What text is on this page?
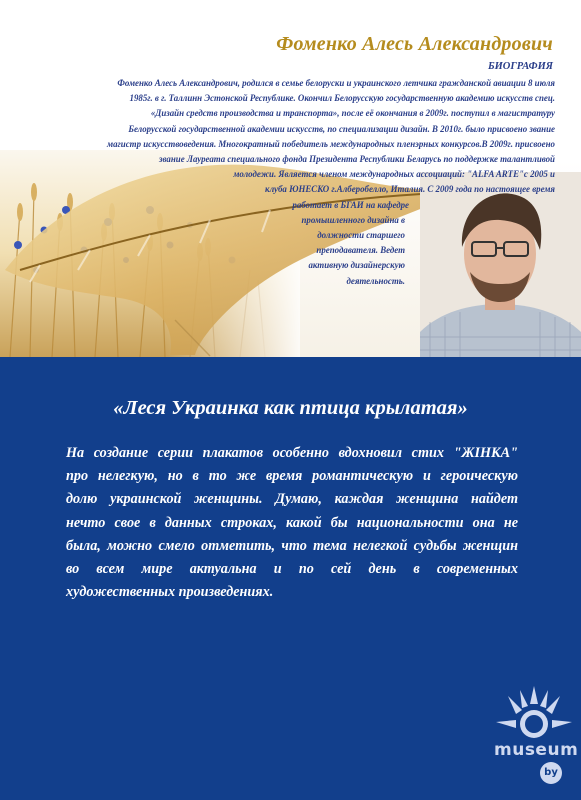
Фоменко Алесь Александрович
БИОГРАФИЯ

Фоменко Алесь Александрович, родился в семье белоруски и украинского летчика гражданской авиации 8 июля
1985г. в г. Таллинн Эстонской Республике. Окончил Белорусскую государственную академию искусств спец.
«Дизайн средств производства и транспорта», после её окончания в 2009г. поступил в магистратуру
Белорусской государственной академии искусств, по специализации дизайн. В 2010г. было присвоено звание
магистр искусствоведения. Многократный победитель международных пленэрных конкурсов.В 2009г. присвоено
звание Лауреата специального фонда Президента Республики Беларусь по поддержке талантливой
молодежи. Является членом международных ассоциаций: "ALFA ARTE"с 2005 и
клуба ЮНЕСКО г.Алберобелло, Италия. С 2009 года по настоящее время
работает в БГАИ на кафедре
промышленного дизайна в
должности старшего
преподавателя. Ведет
активную дизайнерскую
деятельность.

«Леся Украинка как птица крылатая»

На создание серии плакатов особенно вдохновил стих "ЖIНКА"
про нелегкую, но в то же время романтическую и героическую
долю украинской женщины. Думаю, каждая женщина найдет
нечто свое в данных строках, какой бы национальности она не
была, можно смело отметить, что тема нелегкой судьбы женщин
во всем мире актуальна и по сей день в современных
художественных произведениях.

museum
by
